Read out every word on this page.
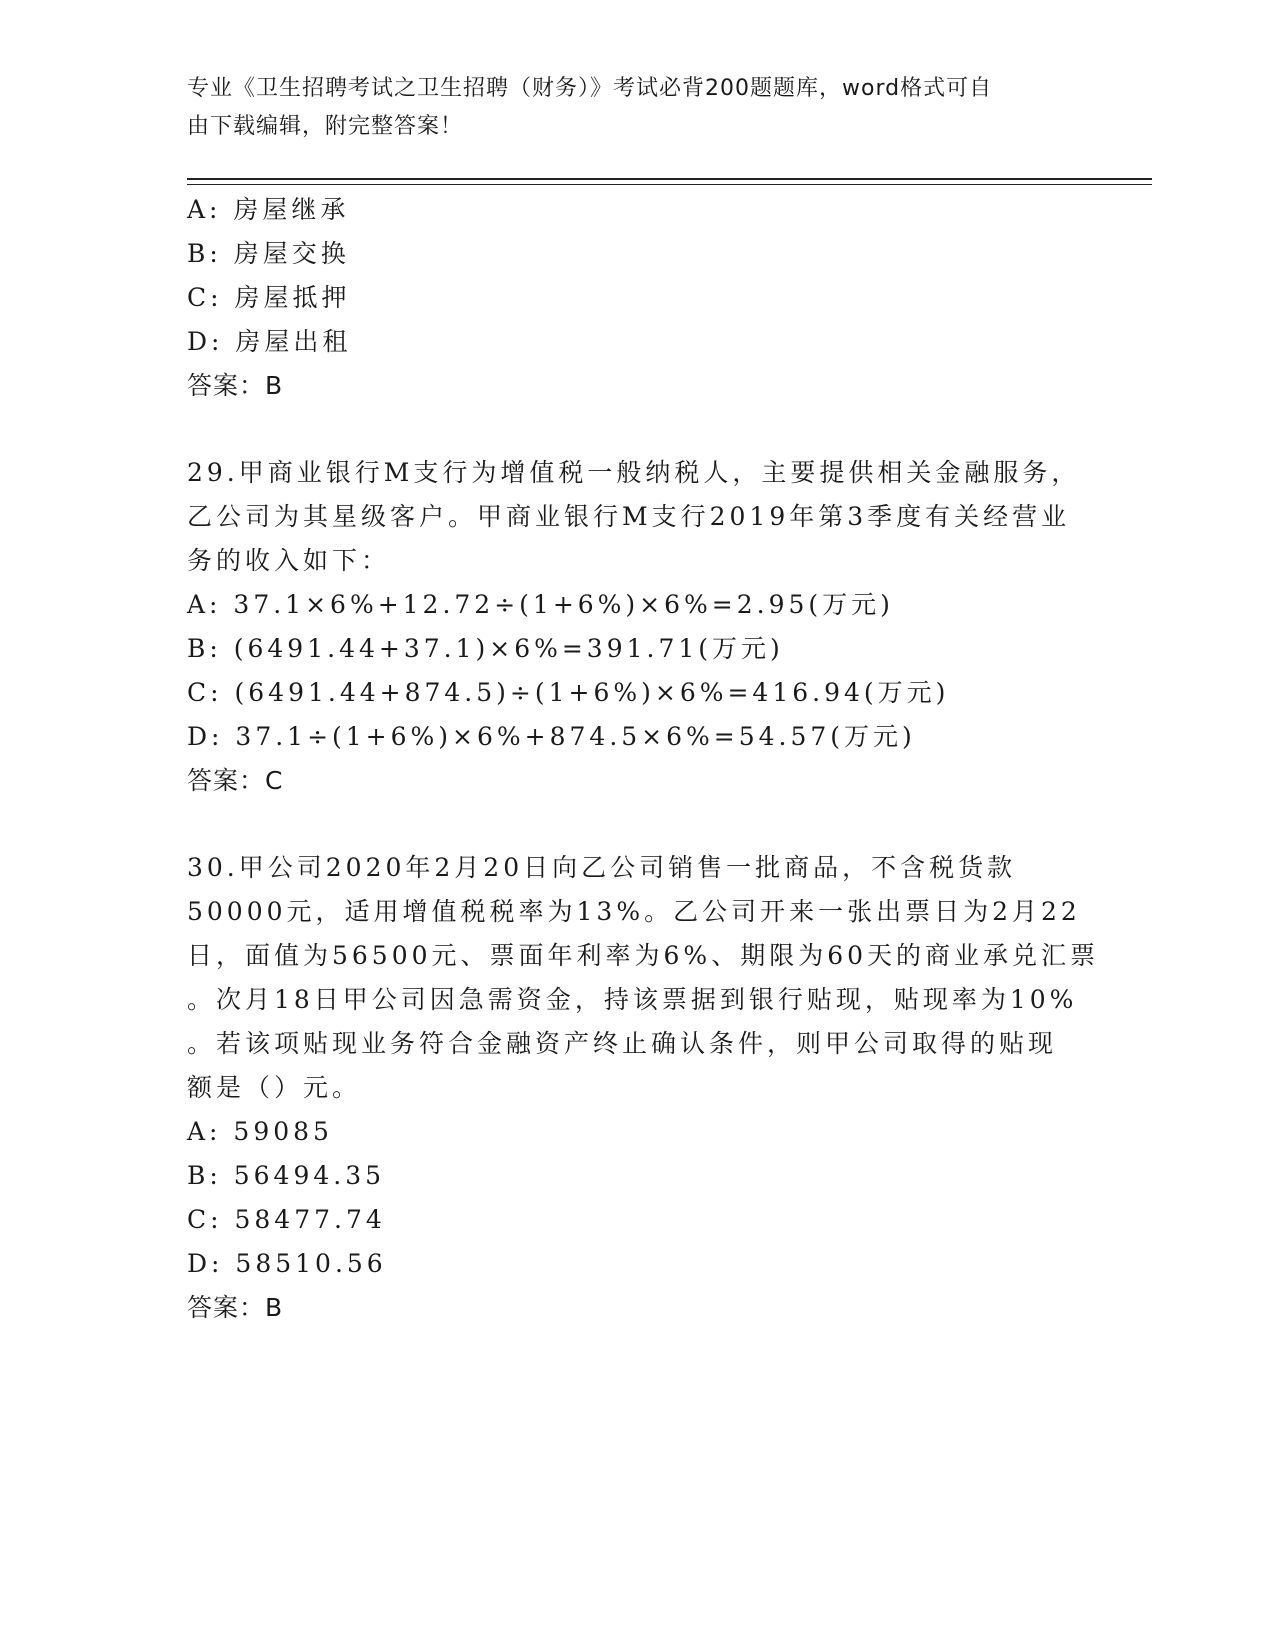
专业《卫生招聘考试之卫生招聘（财务）》考试必背200题题库，word格式可自
由下载编辑，附完整答案！
A: 房屋继承
B: 房屋交换
C: 房屋抵押
D: 房屋出租
答案：B
29.甲商业银行M支行为增值税一般纳税人，主要提供相关金融服务，
乙公司为其星级客户。甲商业银行M支行2019年第3季度有关经营业
务的收入如下：
A: 37.1×6%+12.72÷(1+6%)×6%=2.95(万元)
B: (6491.44+37.1)×6%=391.71(万元)
C: (6491.44+874.5)÷(1+6%)×6%=416.94(万元)
D: 37.1÷(1+6%)×6%+874.5×6%=54.57(万元)
答案：C
30.甲公司2020年2月20日向乙公司销售一批商品，不含税货款
50000元，适用增值税税率为13%。乙公司开来一张出票日为2月22
日，面值为56500元、票面年利率为6%、期限为60天的商业承兑汇票
。次月18日甲公司因急需资金，持该票据到银行贴现，贴现率为10%
。若该项贴现业务符合金融资产终止确认条件，则甲公司取得的贴现
额是（）元。
A: 59085
B: 56494.35
C: 58477.74
D: 58510.56
答案：B
